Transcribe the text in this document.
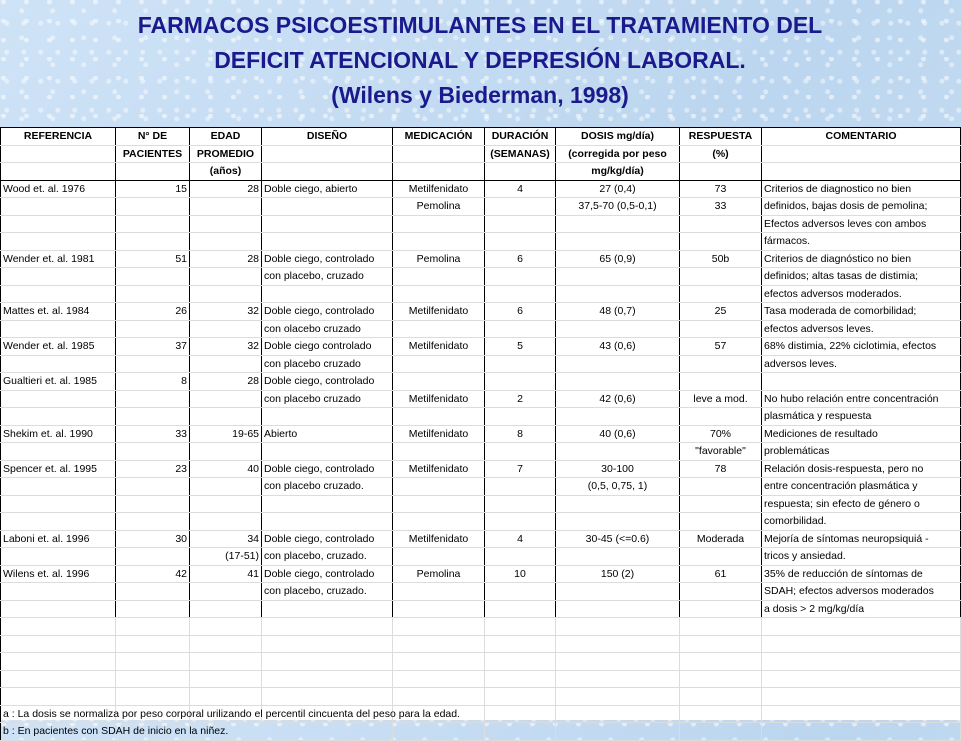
FARMACOS PSICOESTIMULANTES EN EL TRATAMIENTO DEL
DEFICIT ATENCIONAL Y DEPRESIÓN LABORAL.
(Wilens y Biederman, 1998)
REFERENCIA	N° DE	EDAD	DISEÑO	MEDICACIÓN	DURACIÓN	DOSIS mg/día)	RESPUESTA	COMENTARIO
	PACIENTES	PROMEDIO			(SEMANAS)	(corregida por peso	(%)	
		(años)				mg/kg/día)		
Wood et. al. 1976	15	28	Doble ciego, abierto	Metilfenidato	4	27 (0,4)	73	Criterios de diagnostico no bien
				Pemolina		37,5-70 (0,5-0,1)	33	definidos, bajas dosis de pemolina;
								Efectos adversos leves con ambos
								fármacos.
Wender et. al. 1981	51	28	Doble ciego, controlado	Pemolina	6	65 (0,9)	50b	Criterios de diagnóstico no bien
			con placebo, cruzado					definidos; altas tasas de distimia;
								efectos adversos moderados.
Mattes et. al. 1984	26	32	Doble ciego, controlado	Metilfenidato	6	48 (0,7)	25	Tasa moderada de comorbilidad;
			con olacebo cruzado					efectos adversos leves.
Wender et. al. 1985	37	32	Doble ciego controlado	Metilfenidato	5	43 (0,6)	57	68% distimia, 22% ciclotimia, efectos
			con placebo cruzado					adversos leves.
Gualtieri et. al. 1985	8	28	Doble ciego, controlado					
			con placebo cruzado	Metilfenidato	2	42 (0,6)	leve a mod.	No hubo relación entre concentración
								plasmática y respuesta
Shekim et. al. 1990	33	19-65	Abierto	Metilfenidato	8	40 (0,6)	70%	Mediciones de resultado
							"favorable"	problemáticas
Spencer et. al. 1995	23	40	Doble ciego, controlado	Metilfenidato	7	30-100	78	Relación dosis-respuesta, pero no
			con placebo cruzado.			(0,5, 0,75, 1)		entre concentración plasmática y
								respuesta; sin efecto de género o
								comorbilidad.
Laboni et. al. 1996	30	34	Doble ciego, controlado	Metilfenidato	4	30-45 (<=0.6)	Moderada	Mejoría de síntomas neuropsiquiá -
		(17-51)	con placebo, cruzado.					tricos y ansiedad.
Wilens et. al. 1996	42	41	Doble ciego, controlado	Pemolina	10	150 (2)	61	35% de reducción de síntomas de
			con placebo, cruzado.					SDAH; efectos adversos moderados
								a dosis > 2 mg/kg/día

a : La dosis se normaliza por peso corporal urilizando el percentil cincuenta del peso para la edad.								
b : En pacientes con SDAH de inicio en la niñez.								
